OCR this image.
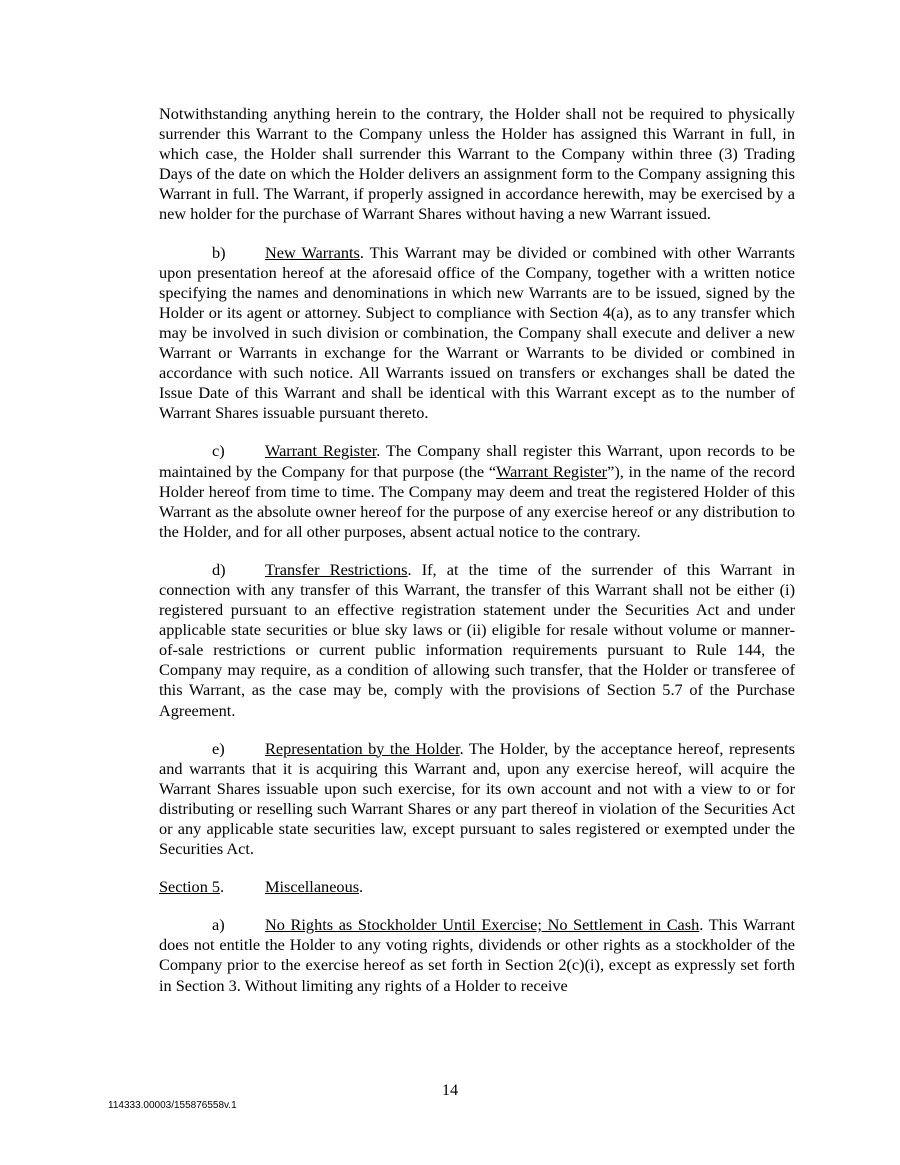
Notwithstanding anything herein to the contrary, the Holder shall not be required to physically surrender this Warrant to the Company unless the Holder has assigned this Warrant in full, in which case, the Holder shall surrender this Warrant to the Company within three (3) Trading Days of the date on which the Holder delivers an assignment form to the Company assigning this Warrant in full. The Warrant, if properly assigned in accordance herewith, may be exercised by a new holder for the purchase of Warrant Shares without having a new Warrant issued.

b) New Warrants. This Warrant may be divided or combined with other Warrants upon presentation hereof at the aforesaid office of the Company, together with a written notice specifying the names and denominations in which new Warrants are to be issued, signed by the Holder or its agent or attorney. Subject to compliance with Section 4(a), as to any transfer which may be involved in such division or combination, the Company shall execute and deliver a new Warrant or Warrants in exchange for the Warrant or Warrants to be divided or combined in accordance with such notice. All Warrants issued on transfers or exchanges shall be dated the Issue Date of this Warrant and shall be identical with this Warrant except as to the number of Warrant Shares issuable pursuant thereto.

c) Warrant Register. The Company shall register this Warrant, upon records to be maintained by the Company for that purpose (the “Warrant Register”), in the name of the record Holder hereof from time to time. The Company may deem and treat the registered Holder of this Warrant as the absolute owner hereof for the purpose of any exercise hereof or any distribution to the Holder, and for all other purposes, absent actual notice to the contrary.

d) Transfer Restrictions. If, at the time of the surrender of this Warrant in connection with any transfer of this Warrant, the transfer of this Warrant shall not be either (i) registered pursuant to an effective registration statement under the Securities Act and under applicable state securities or blue sky laws or (ii) eligible for resale without volume or manner-of-sale restrictions or current public information requirements pursuant to Rule 144, the Company may require, as a condition of allowing such transfer, that the Holder or transferee of this Warrant, as the case may be, comply with the provisions of Section 5.7 of the Purchase Agreement.

e) Representation by the Holder. The Holder, by the acceptance hereof, represents and warrants that it is acquiring this Warrant and, upon any exercise hereof, will acquire the Warrant Shares issuable upon such exercise, for its own account and not with a view to or for distributing or reselling such Warrant Shares or any part thereof in violation of the Securities Act or any applicable state securities law, except pursuant to sales registered or exempted under the Securities Act.

Section 5.	Miscellaneous.

a) No Rights as Stockholder Until Exercise; No Settlement in Cash. This Warrant does not entitle the Holder to any voting rights, dividends or other rights as a stockholder of the Company prior to the exercise hereof as set forth in Section 2(c)(i), except as expressly set forth in Section 3. Without limiting any rights of a Holder to receive

14
114333.00003/155876558v.1
